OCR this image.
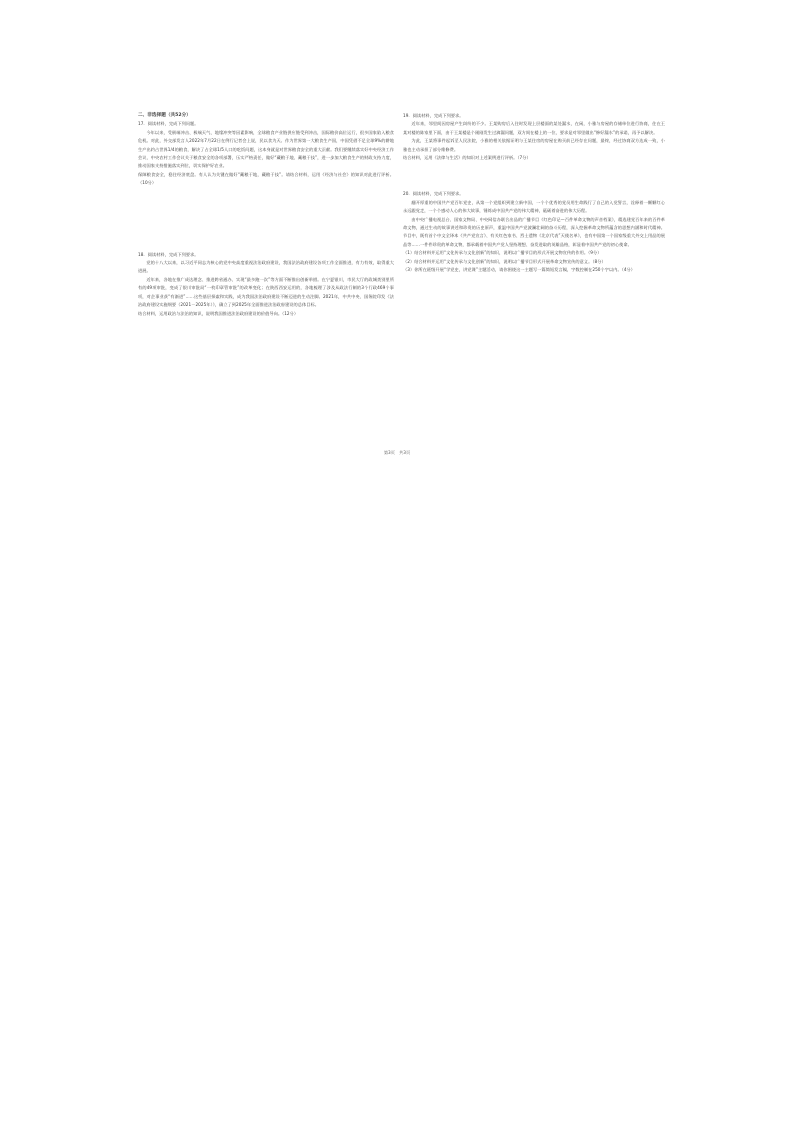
二、非选择题（共52分）
17．阅读材料，完成下列问题。
今年以来，受极端冲击、极端天气、地缘冲突等因素影响，全球粮食产业链供应链受到冲击，国际粮价高位运行，很多国家陷入粮食危机。对此，外交部发言人2022年7月22日在例行记者会上说，民以食为天。作为世界第一大粮食生产国，中国凭借不足全球9%的耕地生产出约占世界1/4的粮食，解决了占全球1/5人口的吃饭问题，这本身就是对世界粮食安全的重大贡献。我们要继续落实好中央经济工作会议、中央农村工作会议关于粮食安全的各项部署，压实严格责任，做好“藏粮于地、藏粮于技”，进一步加大粮食生产的财政支持力度，推动国家支持措施落实到位，切实保护好农业。
保障粮食安全，稳住经济底盘。有人认为关键在做好“藏粮于地，藏粮于技”。请结合材料，运用《经济与社会》的知识对此进行评析。（10分）
18．阅读材料，完成下列要求。
党的十八大以来，以习近平同志为核心的党中央高度重视法治政府建设，我国法治政府建设各项工作全面推进，有力有效，取得重大进展。
近年来，各地在推广成达理念、推进跨省通办、实现“最多跑一次”等方面不断推出创新举措。在宁夏银川，市民大厅的政城类别里所有的49项审批，变成了银川审批局“一枚印章管审批”的改革变化；在陕西西安运用的，各地梳理了涉及从政法行制的3个行政469个事项，对企事业获“有渐进”……这些基层探索和实践，成为我国法治政府建设不断迈进的生动注脚。2021年，中共中央、国务院印发《法治政府建设实施纲要（2021－2025年）》，确立了到2025年全面推进法治政府建设的总体目标。
结合材料，运用政治与法治的知识，说明我国推进法治政府建设的价值导向。（12分）
19．阅读材料，完成下列要求。
近年来，邻里间因房屋产生纠纷的不少。王某购房后入住时发现上层楼面的某处漏水，在闲，小雅与房屋的存储单位进行协商，住在王某对楼的陈家里下面，由于王某楼是个刚刚发生过滴漏问题，双方间在楼上的一位，要求是对邻里做出“修好漏水”的承诺，再予以解决。
为此，王某将事件起诉至人民法院，小雅的相关依据证明与王某住房的房屋在购买前已经存在问题，最终，经过协商双方达成一致，小雅也主动承担了部分维修费。
结合材料，运用《法律与生活》的知识对上述案例进行评析。（7分）
20．阅读材料，完成下列要求。
翻开厚重的中国共产党百年党史，从第一个党组织到建立新中国，一个个优秀的党员用生命践行了自己的入党誓言，诠释着一颗颗红心永远跟党走，一个个感动人心的伟大故事，锤炼成中国共产党的伟大精神，砥砺着奋进的伟大历程。
由中央广播电视总台、国家文物局、中央网信办联合出品的广播节目《红色印记—百件革命文物的声音档案》，精选建党百年来的百件革命文物，通过生动的故事讲述和珍贵的历史原声，重温中国共产党波澜壮阔的奋斗历程，深入挖掘革命文物所蕴含的思想内涵和时代精神。节目中，既有首个中文全译本《共产党宣言》、有关红色家书、烈士遗物《北京代表”天使名单》，也有中国第一个国家级重大外交上用品的展品等……一件件珍贵的革命文物，都承载着中国共产党人坚持理想、奋发进取的英雄品格，彰显着中国共产党的初心使命。
（1）结合材料并运用“文化传承与文化创新”的知识，说明以广播节目的形式开展文物宣传的作用。（9分）
（2）结合材料并运用“文化传承与文化创新”的知识，说明以广播节目形式开展革命文物宣传的意义。（8分）
（3）你所在班级开展“学党史，讲党课”主题活动，请你围绕这一主题写一篇简短发言稿，字数控制在250个字以内。（4分）
第3页　共3页
